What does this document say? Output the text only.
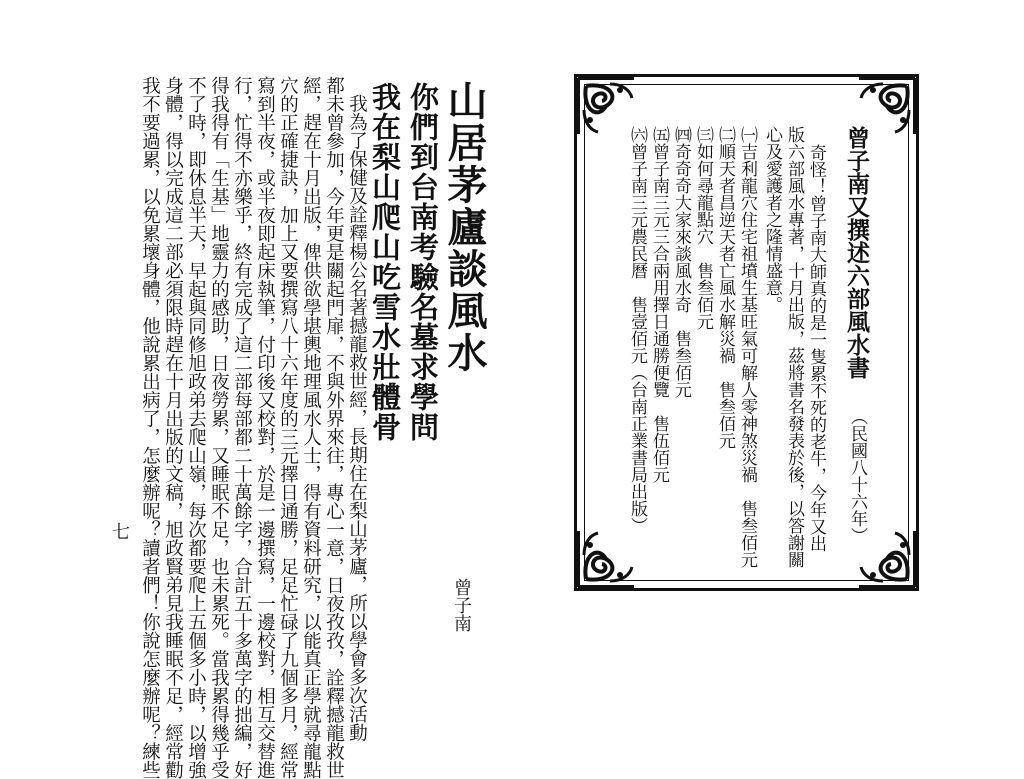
山居茅廬談風水
你們到台南考驗名墓
求學問
我在梨山爬山吃雪水
壯體骨
曾子南
我為了保健及詮釋楊公名著撼龍救世經，長期住在梨山茅廬，所以學會多次活動
都未曾參加，今年更是關起門扉，不與外界來往，專心一意，日夜孜孜，詮釋撼龍救世
經，趕在十月出版，俾供欲學堪輿地理風水人士，得有資料研究，以能真正學就尋龍點
穴的正確捷訣，加上又要撰寫八十六年度的三元擇日通勝，足足忙碌了九個多月，經常
寫到半夜，或半夜即起床執筆，付印後又校對，於是一邊撰寫，一邊校對，相互交替進
行，忙得不亦樂乎，終有完成了這二部每部都二十萬餘字，合計五十多萬字的拙編，好
得我得有「生基」地靈力的感助，日夜勞累，又睡眠不足，也未累死。當我累得幾乎受
不了時，即休息半天，早起與同修旭政弟去爬山嶺，每次都要爬上五個多小時，以增強
身體，得以完成這二部必須限時趕在十月出版的文稿，旭政賢弟見我睡眠不足，經常勸
我不要過累，以免累壞身體，他說累出病了，怎麼辦呢？讀者們！你說怎麼辦呢？練些
七
曾子南又撰述六部風水書
（民國八十六年）
奇怪！曾子南大師真的是一隻累不死的老牛，今年又出
版六部風水專著，十月出版，茲將書名發表於後，以答謝關
心及愛護者之隆情盛意。
㈠吉利龍穴住宅祖墳生基旺氣可解人零神煞災禍　售叁佰元
㈡順天者昌逆天者亡風水解災禍　售叁佰元
㈢如何尋龍點穴　售叁佰元
㈣奇奇奇大家來談風水奇　售叁佰元
㈤曾子南三元三合兩用擇日通勝便覽　售伍佰元
㈥曾子南三元農民曆　售壹佰元（台南正業書局出版）
